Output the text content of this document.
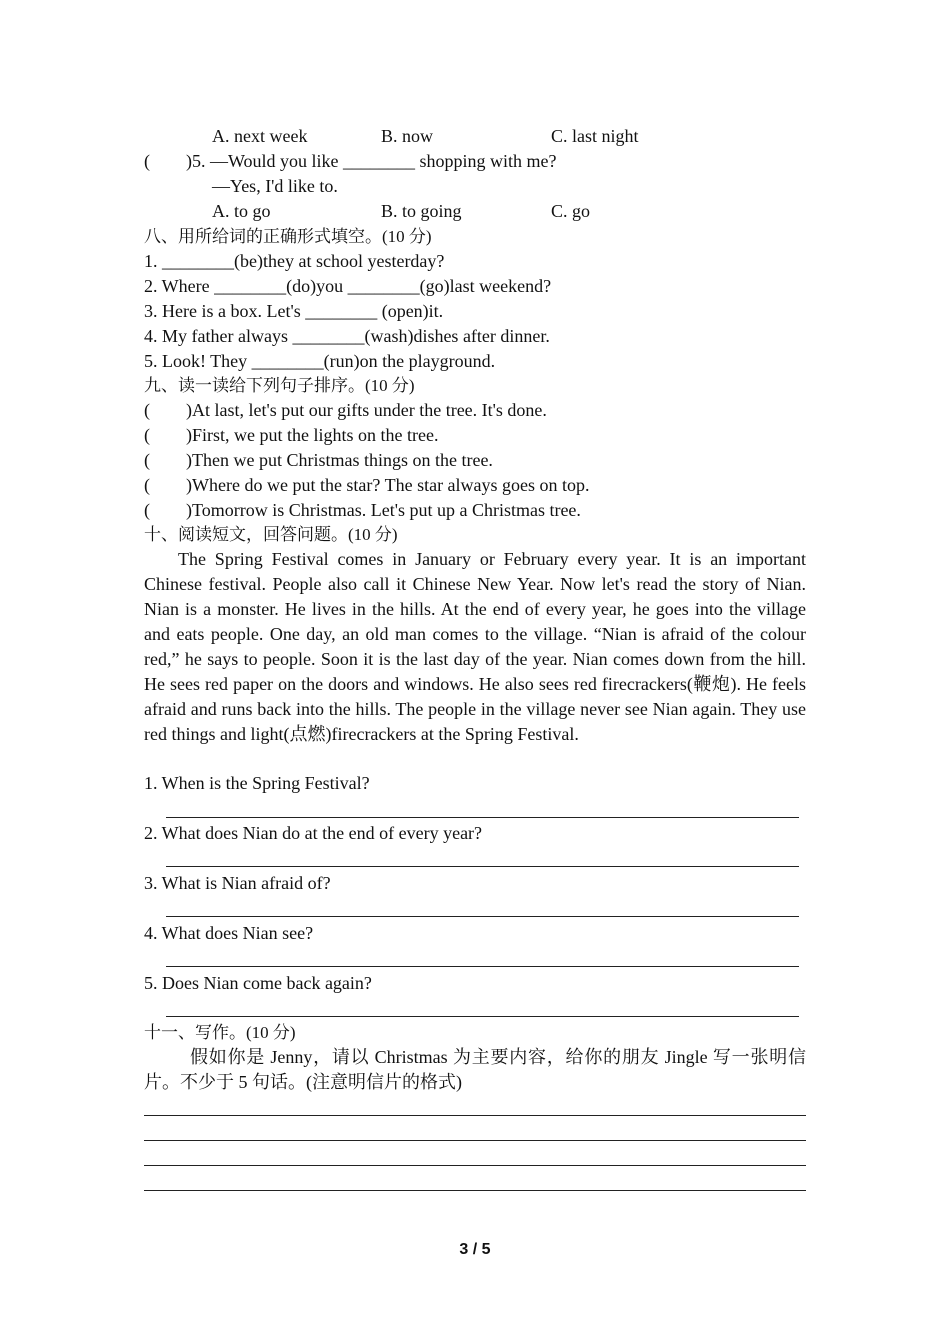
A. next week	B. now	C. last night
(        )5. —Would you like ________ shopping with me?
—Yes, I'd like to.
A. to go	B. to going	C. go
八、用所给词的正确形式填空。(10 分)
1. ________(be)they at school yesterday?
2. Where ________(do)you ________(go)last weekend?
3. Here is a box. Let's ________ (open)it.
4. My father always ________(wash)dishes after dinner.
5. Look! They ________(run)on the playground.
九、读一读给下列句子排序。(10 分)
(        )At last, let's put our gifts under the tree. It's done.
(        )First, we put the lights on the tree.
(        )Then we put Christmas things on the tree.
(        )Where do we put the star? The star always goes on top.
(        )Tomorrow is Christmas. Let's put up a Christmas tree.
十、阅读短文，回答问题。(10 分)
The Spring Festival comes in January or February every year. It is an important Chinese festival. People also call it Chinese New Year. Now let's read the story of Nian. Nian is a monster. He lives in the hills. At the end of every year, he goes into the village and eats people. One day, an old man comes to the village. “Nian is afraid of the colour red,” he says to people. Soon it is the last day of the year. Nian comes down from the hill. He sees red paper on the doors and windows. He also sees red firecrackers(鞭炮). He feels afraid and runs back into the hills. The people in the village never see Nian again. They use red things and light(点燃)firecrackers at the Spring Festival.
1. When is the Spring Festival?
2. What does Nian do at the end of every year?
3. What is Nian afraid of?
4. What does Nian see?
5. Does Nian come back again?
十一、写作。(10 分)
假如你是 Jenny，请以 Christmas 为主要内容，给你的朋友 Jingle 写一张明信片。不少于 5 句话。(注意明信片的格式)
3 / 5
